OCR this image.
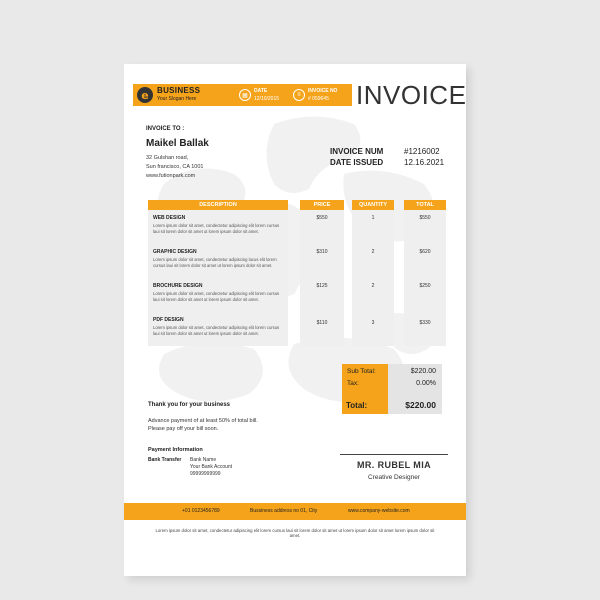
e	BUSINESS
Your Slogan Here
▦
DATE
12/10/2015
≡
INVOICE NO
# 059645	INVOICE
INVOICE TO :
Maikel Ballak
32 Gulshan road,
Sun francisco, CA 1001
www.futionpark.com
INVOICE NUM	#1216002
DATE ISSUED	12.16.2021
DESCRIPTION	PRICE	QUANTITY	TOTAL
WEB DESIGN
Lorem ipsum dolor sit amet, condectetur adipiscing elit lorem cursus laui sit lorem dolor sit amet ut lorem ipsum dolor sit amet.
$550	1	$550
GRAPHIC DESIGN
Lorem ipsum dolor sit amet, condectetur adipiscing lacus elit lorem cursus laui sit lorem dolor sit amet ut lorem ipsum dolor sit amet.
$310	2	$620
BROCHURE DESIGN
Lorem ipsum dolor sit amet, condectetur adipiscing elit lorem cursus laui sit lorem dolor sit amet ut lorem ipsum dolor sit amet.
$125	2	$250
PDF DESIGN
Lorem ipsum dolor sit amet, condectetur adipiscing elit lorem cursus laui sit lorem dolor sit amet ut lorem ipsum dolor sit amet.
$110	3	$330
Sub Total:	$220.00
Tax:	0.00%
Total:	$220.00
Thank you for your business
Advance payment of at least 50% of total bill.
Please pay off your bill soon.
Payment Information
Bank Transfer Bank Name
Your Bank Account
99999999999
MR. RUBEL MIA
Creative Designer
+01 0123456789	Bussiness address no 01, City	www.company-website.com
Lorem ipsum dolor sit amet, condectetur adipiscing elit lorem cursus laui sit lorem dolor sit amet ut lorem ipsum dolor sit amet lorem ipsum dolor sit amet.
